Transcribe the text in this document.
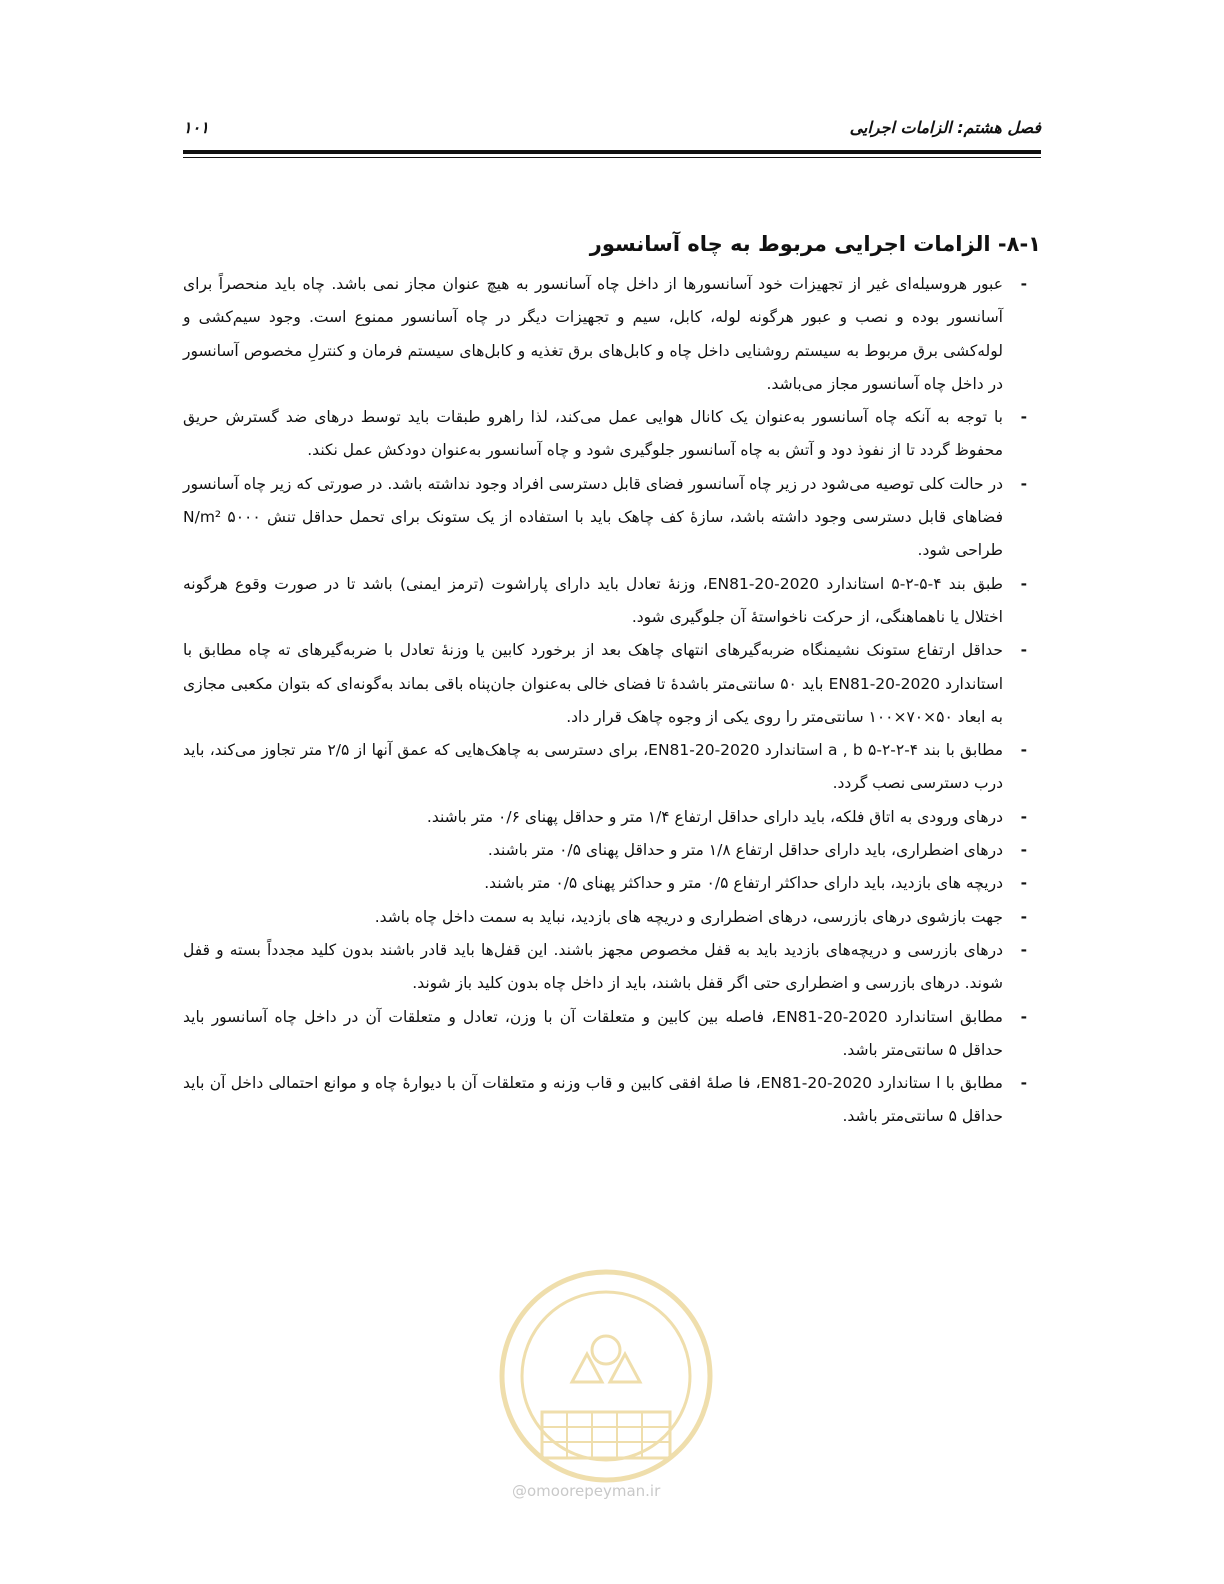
فصل هشتم: الزامات اجرایی
۱۰۱
۸-۱- الزامات اجرایی مربوط به چاه آسانسور
-
عبور هروسیله‌ای غیر از تجهیزات خود آسانسورها از داخل چاه آسانسور به هیچ عنوان مجاز نمی باشد. چاه باید منحصراً برای آسانسور بوده و نصب و عبور هرگونه لوله، کابل، سیم و تجهیزات دیگر در چاه آسانسور ممنوع است. وجود سیم‌کشی و لوله‌کشی برق مربوط به سیستم روشنایی داخل چاه و کابل‌های برق تغذیه و کابل‌های سیستم فرمان و کنترلِ مخصوص آسانسور در داخل چاه آسانسور مجاز می‌باشد.
-
با توجه به آنکه چاه آسانسور به‌عنوان یک کانال هوایی عمل می‌کند، لذا راهرو طبقات باید توسط درهای ضد گسترش حریق محفوظ گردد تا از نفوذ دود و آتش به چاه آسانسور جلوگیری شود و چاه آسانسور به‌عنوان دودکش عمل نکند.
-
در حالت کلی توصیه می‌شود در زیر چاه آسانسور فضای قابل دسترسی افراد وجود نداشته باشد. در صورتی که زیر چاه آسانسور فضاهای قابل دسترسی وجود داشته باشد، سازهٔ کف چاهک باید با استفاده از یک ستونک برای تحمل حداقل تنش ۵۰۰۰ N/m² طراحی شود.
-
طبق بند ۴-۵-۲-۵ استاندارد EN81-20-2020، وزنهٔ تعادل باید دارای پاراشوت (ترمز ایمنی) باشد تا در صورت وقوع هرگونه اختلال یا ناهماهنگی، از حرکت ناخواستهٔ آن جلوگیری شود.
-
حداقل ارتفاع ستونک نشیمنگاه ضربه‌گیرهای انتهای چاهک بعد از برخورد کابین یا وزنهٔ تعادل با ضربه‌گیرهای ته چاه مطابق با استاندارد EN81-20-2020 باید ۵۰ سانتی‌متر باشدهٔ تا فضای خالی به‌عنوان جان‌پناه باقی بماند به‌گونه‌ای که بتوان مکعبی مجازی به ابعاد ۵۰×۷۰×۱۰۰ سانتی‌متر را روی یکی از وجوه چاهک قرار داد.
-
مطابق با بند ۴-۲-۲-۵ a , b استاندارد EN81-20-2020، برای دسترسی به چاهک‌هایی که عمق آنها از ۲/۵ متر تجاوز می‌کند، باید درب دسترسی نصب گردد.
-
درهای ورودی به اتاق فلکه، باید دارای حداقل ارتفاع ۱/۴ متر و حداقل پهنای ۰/۶ متر باشند.
-
درهای اضطراری، باید دارای حداقل ارتفاع ۱/۸ متر و حداقل پهنای ۰/۵ متر باشند.
-
دریچه های بازدید، باید دارای حداکثر ارتفاع ۰/۵ متر و حداکثر پهنای ۰/۵ متر باشند.
-
جهت بازشوی درهای بازرسی، درهای اضطراری و دریچه های بازدید، نباید به سمت داخل چاه باشد.
-
درهای بازرسی و دریچه‌های بازدید باید به قفل مخصوص مجهز باشند. این قفل‌ها باید قادر باشند بدون کلید مجدداً بسته و قفل شوند. درهای بازرسی و اضطراری حتی اگر قفل باشند، باید از داخل چاه بدون کلید باز شوند.
-
مطابق استاندارد EN81-20-2020، فاصله بین کابین و متعلقات آن با وزن، تعادل و متعلقات آن در داخل چاه آسانسور باید حداقل ۵ سانتی‌متر باشد.
-
مطابق با ا ستاندارد EN81-20-2020، فا صلهٔ افقی کابین و قاب وزنه و متعلقات آن با دیوارهٔ چاه و موانع احتمالی داخل آن باید حداقل ۵ سانتی‌متر باشد.
@omoorepeyman.ir
